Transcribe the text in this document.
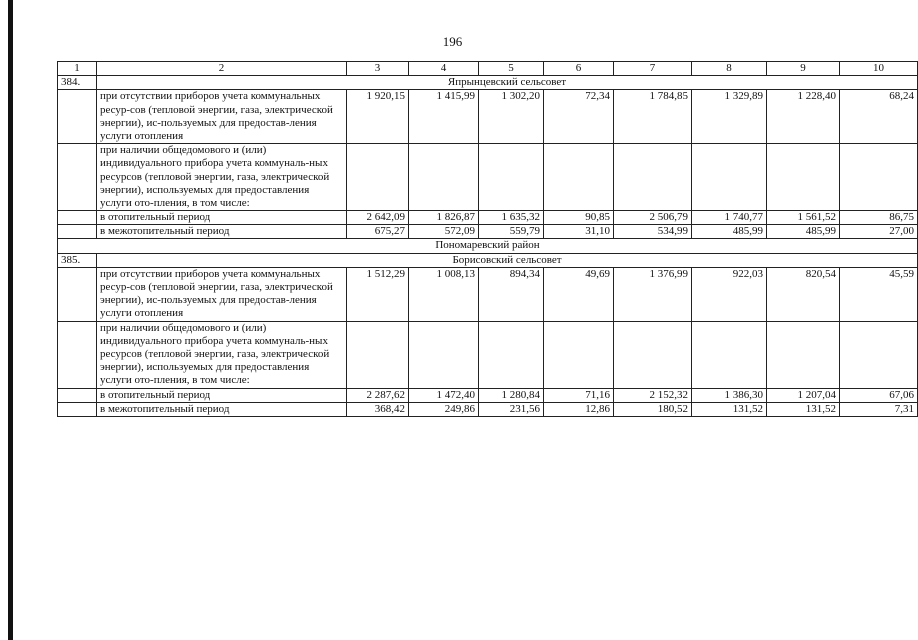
196
1	2	3	4	5	6	7	8	9	10
384.	Япрынцевский сельсовет								
	при отсутствии приборов учета коммунальных ресур-сов (тепловой энергии, газа, электрической энергии), ис-пользуемых для предостав-ления услуги отопления	1 920,15	1 415,99	1 302,20	72,34	1 784,85	1 329,89	1 228,40	68,24
	при наличии общедомового и (или) индивидуального прибора учета коммуналь-ных ресурсов (тепловой энергии, газа, электрической энергии), используемых для предоставления услуги ото-пления, в том числе:								
	в отопительный период	2 642,09	1 826,87	1 635,32	90,85	2 506,79	1 740,77	1 561,52	86,75
	в межотопительный период	675,27	572,09	559,79	31,10	534,99	485,99	485,99	27,00
Пономаревский район									
385.	Борисовский сельсовет								
	при отсутствии приборов учета коммунальных ресур-сов (тепловой энергии, газа, электрической энергии), ис-пользуемых для предостав-ления услуги отопления	1 512,29	1 008,13	894,34	49,69	1 376,99	922,03	820,54	45,59
	при наличии общедомового и (или) индивидуального прибора учета коммуналь-ных ресурсов (тепловой энергии, газа, электрической энергии), используемых для предоставления услуги ото-пления, в том числе:								
	в отопительный период	2 287,62	1 472,40	1 280,84	71,16	2 152,32	1 386,30	1 207,04	67,06
	в межотопительный период	368,42	249,86	231,56	12,86	180,52	131,52	131,52	7,31
